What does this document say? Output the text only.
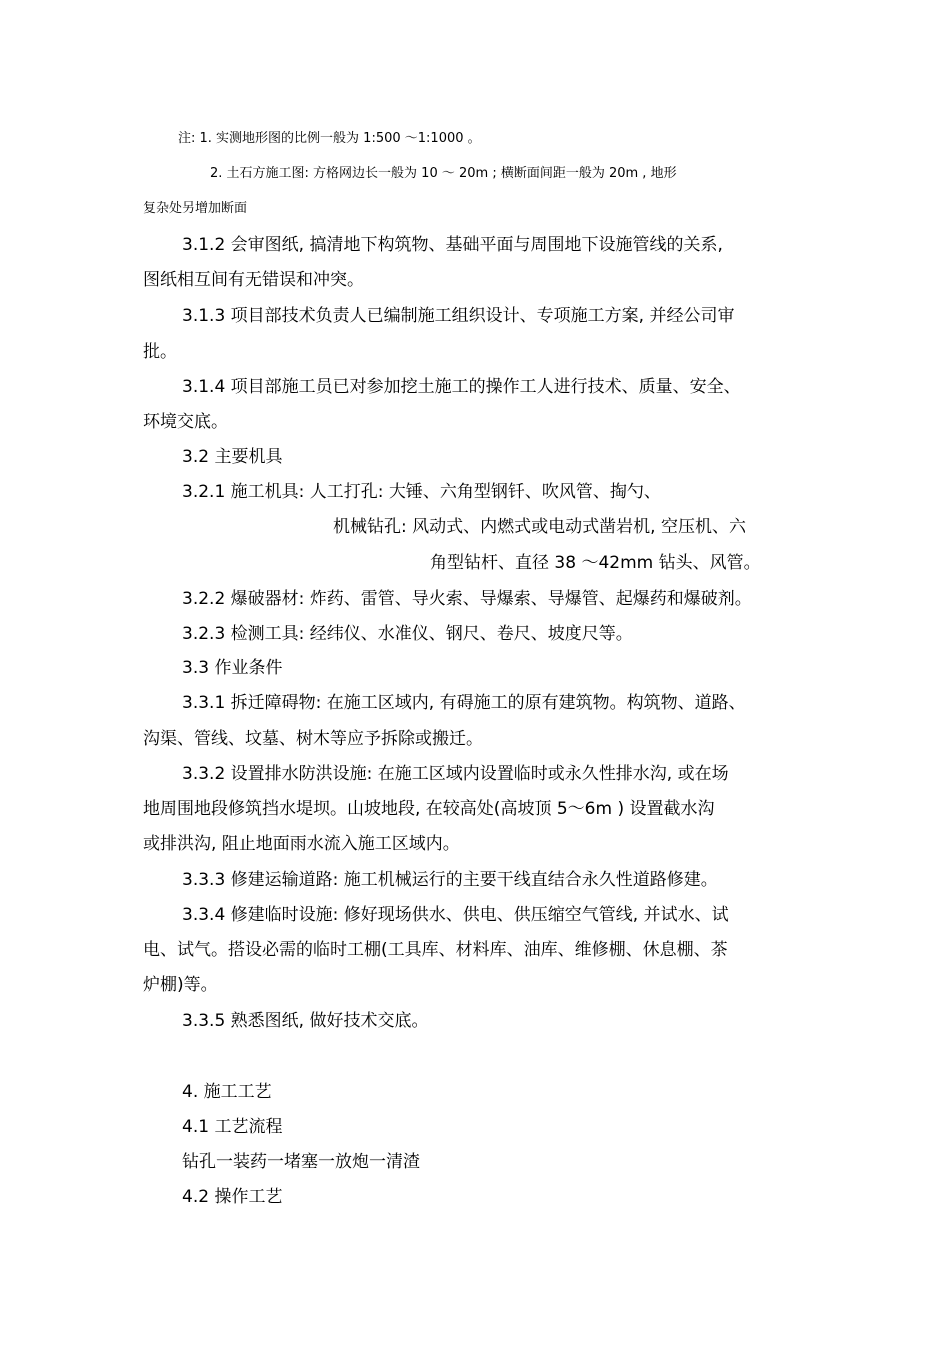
注: 1. 实测地形图的比例一般为 1:500 ～1:1000 。
2. 土石方施工图: 方格网边长一般为 10 ～ 20m ; 横断面间距一般为 20m , 地形
复杂处另增加断面
3.1.2 会审图纸, 搞清地下构筑物、基础平面与周围地下设施管线的关系,
图纸相互间有无错误和冲突。
3.1.3 项目部技术负责人已编制施工组织设计、专项施工方案, 并经公司审
批。
3.1.4 项目部施工员已对参加挖土施工的操作工人进行技术、质量、安全、
环境交底。
3.2 主要机具
3.2.1 施工机具: 人工打孔: 大锤、六角型钢钎、吹风管、掏勺、
机械钻孔: 风动式、内燃式或电动式凿岩机, 空压机、六
角型钻杆、直径 38 ～42mm 钻头、风管。
3.2.2 爆破器材: 炸药、雷管、导火索、导爆索、导爆管、起爆药和爆破剂。
3.2.3 检测工具: 经纬仪、水准仪、钢尺、卷尺、坡度尺等。
3.3 作业条件
3.3.1 拆迁障碍物: 在施工区域内, 有碍施工的原有建筑物。构筑物、道路、
沟渠、管线、坟墓、树木等应予拆除或搬迁。
3.3.2 设置排水防洪设施: 在施工区域内设置临时或永久性排水沟, 或在场
地周围地段修筑挡水堤坝。山坡地段, 在较高处(高坡顶 5～6m ) 设置截水沟
或排洪沟, 阻止地面雨水流入施工区域内。
3.3.3 修建运输道路: 施工机械运行的主要干线直结合永久性道路修建。
3.3.4 修建临时设施: 修好现场供水、供电、供压缩空气管线, 并试水、试
电、试气。搭设必需的临时工棚(工具库、材料库、油库、维修棚、休息棚、茶
炉棚)等。
3.3.5 熟悉图纸, 做好技术交底。
4. 施工工艺
4.1 工艺流程
钻孔一装药一堵塞一放炮一清渣
4.2 操作工艺
